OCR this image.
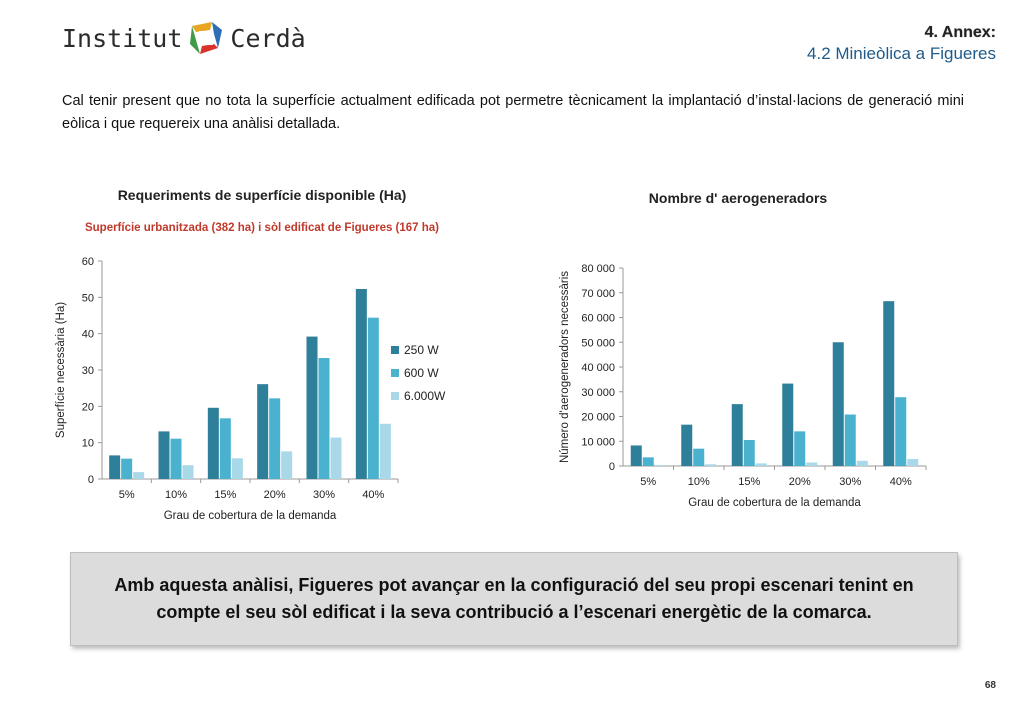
Institut Cerdà	4. Annex:
4.2 Minieòlica a Figueres
Cal tenir present que no tota la superfície actualment edificada pot permetre tècnicament la implantació d’instal·lacions de generació mini eòlica i que requereix una anàlisi detallada.
Requeriments de superfície disponible (Ha)
Superfície urbanitzada (382 ha) i sòl edificat de Figueres (167 ha)
0
10
20
30
40
50
60
5%	10% 15% 20% 30% 40%
Grau de cobertura de la demanda
Superfície necessària (Ha)	250 W
600 W
6.000W
Nombre d' aerogeneradors
0
10 000
20 000
30 000
40 000
50 000
60 000
70 000
80 000
5%	10%	15%	20%	30%	40%
Grau de cobertura de la demanda
Número d'aerogeneradors necessàris
Amb aquesta anàlisi, Figueres pot avançar en la configuració del seu propi escenari tenint en compte el seu sòl edificat i la seva contribució a l’escenari energètic de la comarca.
68
